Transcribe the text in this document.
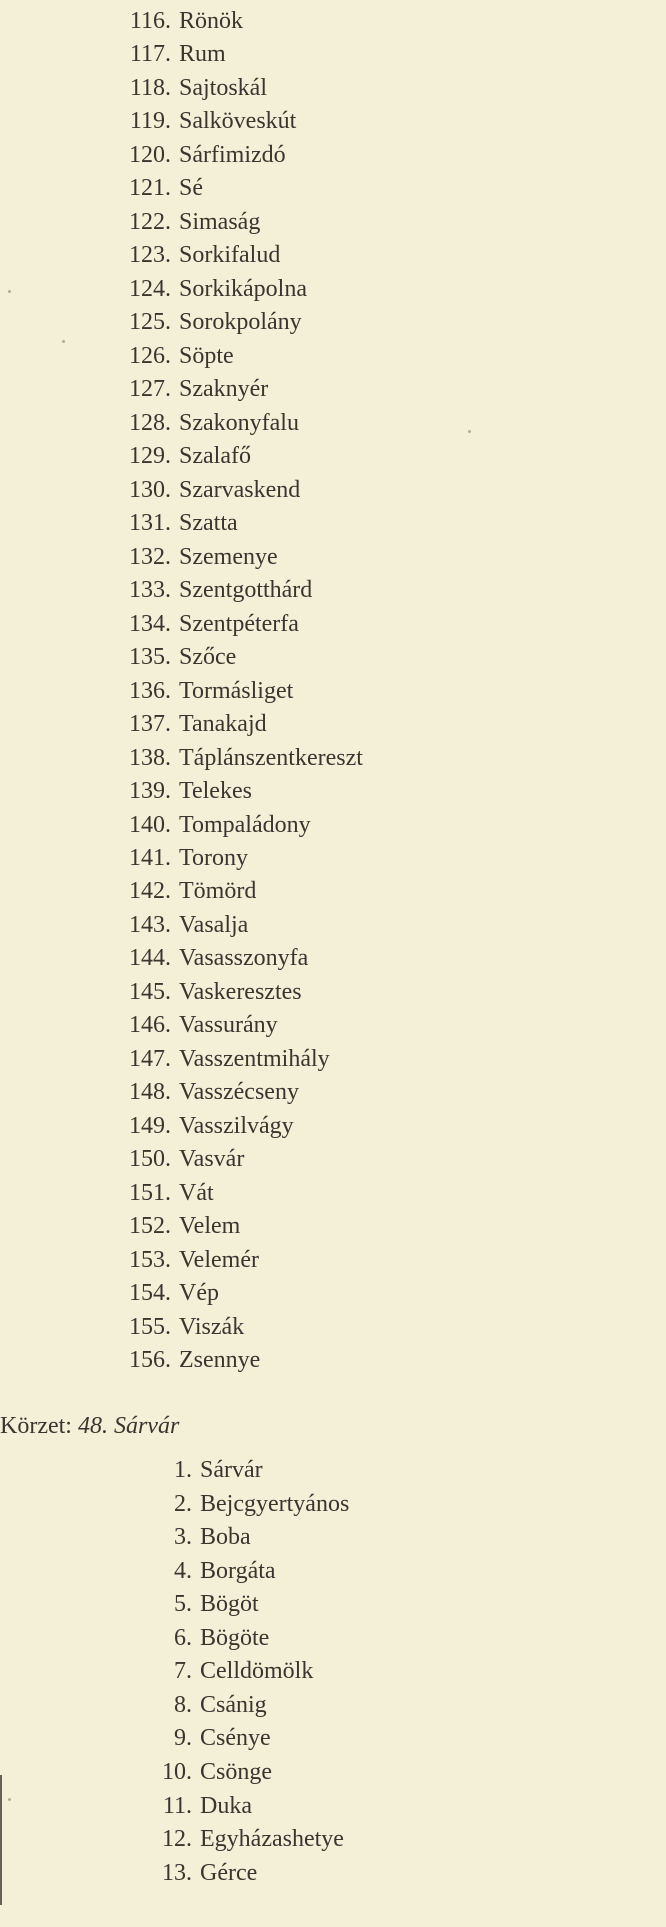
116. Rönök
117. Rum
118. Sajtoskál
119. Salköveskút
120. Sárfimizdó
121. Sé
122. Simaság
123. Sorkifalud
124. Sorkikápolna
125. Sorokpolány
126. Söpte
127. Szaknyér
128. Szakonyfalu
129. Szalafő
130. Szarvaskend
131. Szatta
132. Szemenye
133. Szentgotthárd
134. Szentpéterfa
135. Szőce
136. Tormásliget
137. Tanakajd
138. Táplánszentkereszt
139. Telekes
140. Tompaládony
141. Torony
142. Tömörd
143. Vasalja
144. Vasasszonyfa
145. Vaskeresztes
146. Vassurány
147. Vasszentmihály
148. Vasszécseny
149. Vasszilvágy
150. Vasvár
151. Vát
152. Velem
153. Velemér
154. Vép
155. Viszák
156. Zsennye
Körzet: 48. Sárvár
1. Sárvár
2. Bejcgyertyános
3. Boba
4. Borgáta
5. Bögöt
6. Bögöte
7. Celldömölk
8. Csánig
9. Csénye
10. Csönge
11. Duka
12. Egyházashetye
13. Gérce
